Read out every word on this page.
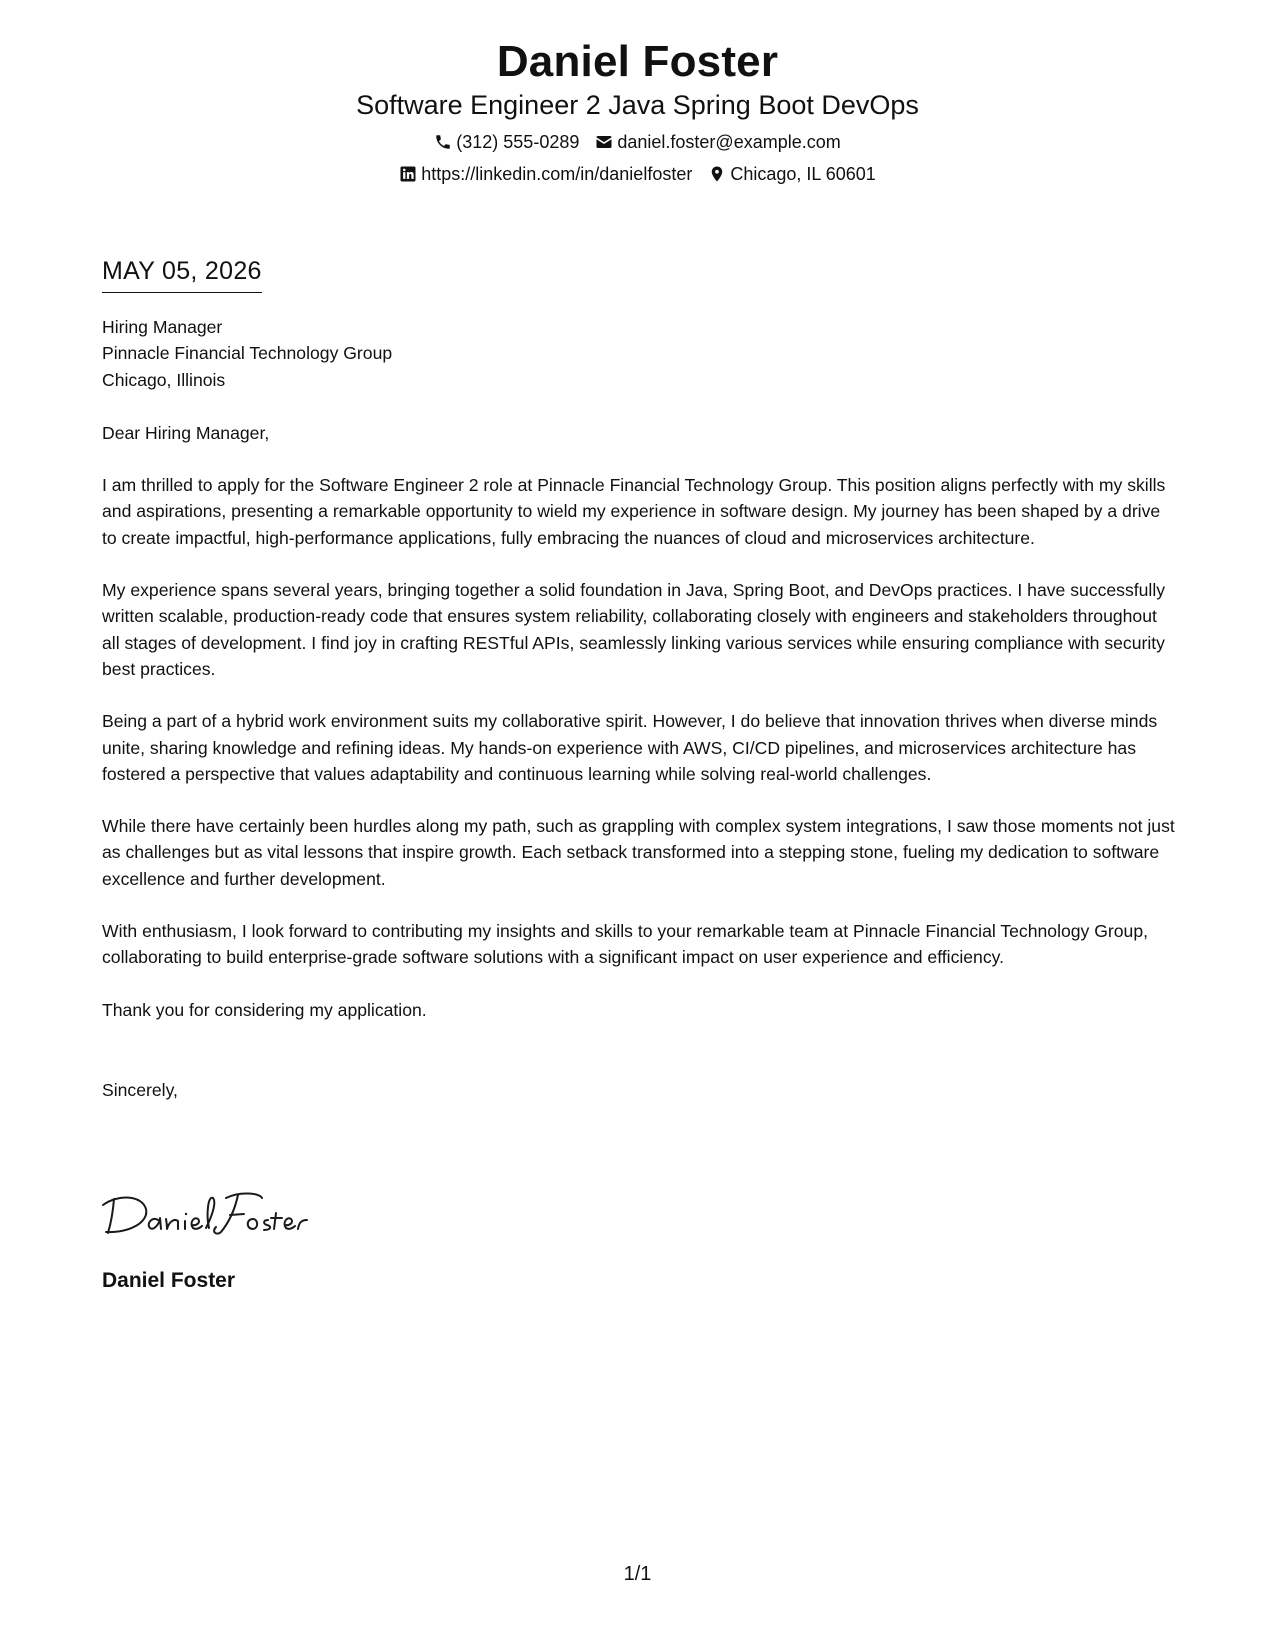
Daniel Foster
Software Engineer 2 Java Spring Boot DevOps
(312) 555-0289 daniel.foster@example.com
https://linkedin.com/in/danielfoster Chicago, IL 60601
MAY 05, 2026
Hiring Manager
Pinnacle Financial Technology Group
Chicago, Illinois
Dear Hiring Manager,
I am thrilled to apply for the Software Engineer 2 role at Pinnacle Financial Technology Group. This position aligns perfectly with my skills and aspirations, presenting a remarkable opportunity to wield my experience in software design. My journey has been shaped by a drive to create impactful, high-performance applications, fully embracing the nuances of cloud and microservices architecture.
My experience spans several years, bringing together a solid foundation in Java, Spring Boot, and DevOps practices. I have successfully written scalable, production-ready code that ensures system reliability, collaborating closely with engineers and stakeholders throughout all stages of development. I find joy in crafting RESTful APIs, seamlessly linking various services while ensuring compliance with security best practices.
Being a part of a hybrid work environment suits my collaborative spirit. However, I do believe that innovation thrives when diverse minds unite, sharing knowledge and refining ideas. My hands-on experience with AWS, CI/CD pipelines, and microservices architecture has fostered a perspective that values adaptability and continuous learning while solving real-world challenges.
While there have certainly been hurdles along my path, such as grappling with complex system integrations, I saw those moments not just as challenges but as vital lessons that inspire growth. Each setback transformed into a stepping stone, fueling my dedication to software excellence and further development.
With enthusiasm, I look forward to contributing my insights and skills to your remarkable team at Pinnacle Financial Technology Group, collaborating to build enterprise-grade software solutions with a significant impact on user experience and efficiency.
Thank you for considering my application.
Sincerely,
Daniel Foster
1/1
